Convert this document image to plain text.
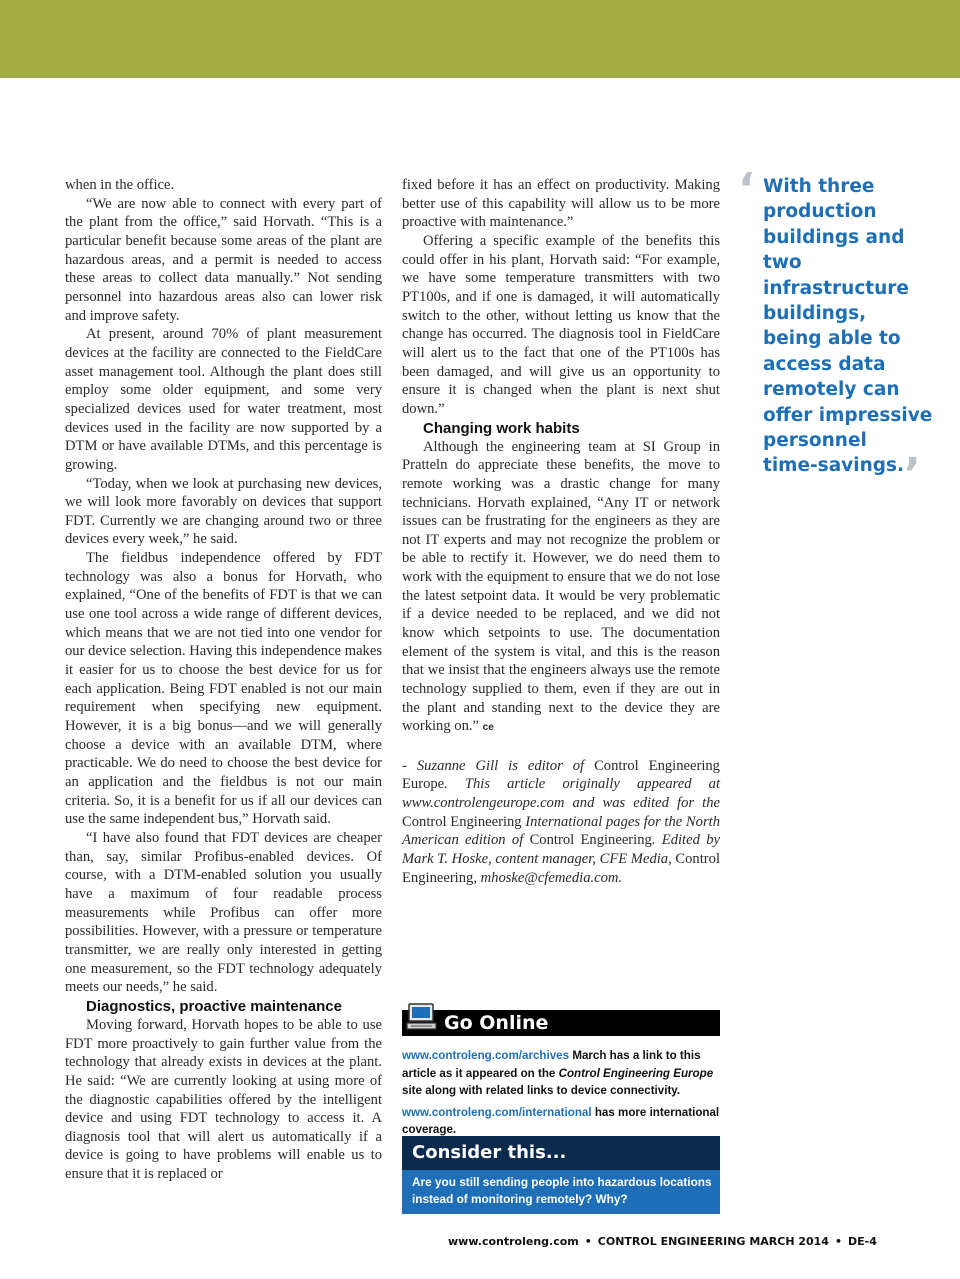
when in the office.

“We are now able to connect with every part of the plant from the office,” said Horvath. “This is a particular benefit because some areas of the plant are hazardous areas, and a permit is needed to access these areas to collect data manually.” Not sending personnel into hazardous areas also can lower risk and improve safety.

At present, around 70% of plant measurement devices at the facility are connected to the FieldCare asset management tool. Although the plant does still employ some older equipment, and some very specialized devices used for water treatment, most devices used in the facility are now supported by a DTM or have available DTMs, and this percentage is growing.

“Today, when we look at purchasing new devices, we will look more favorably on devices that support FDT. Currently we are changing around two or three devices every week,” he said.

The fieldbus independence offered by FDT technology was also a bonus for Horvath, who explained, “One of the benefits of FDT is that we can use one tool across a wide range of different devices, which means that we are not tied into one vendor for our device selection. Having this independence makes it easier for us to choose the best device for us for each application. Being FDT enabled is not our main requirement when specifying new equipment. However, it is a big bonus—and we will generally choose a device with an available DTM, where practicable. We do need to choose the best device for an application and the fieldbus is not our main criteria. So, it is a benefit for us if all our devices can use the same independent bus,” Horvath said.

“I have also found that FDT devices are cheaper than, say, similar Profibus-enabled devices. Of course, with a DTM-enabled solution you usually have a maximum of four readable process measurements while Profibus can offer more possibilities. However, with a pressure or temperature transmitter, we are really only interested in getting one measurement, so the FDT technology adequately meets our needs,” he said.

Diagnostics, proactive maintenance

Moving forward, Horvath hopes to be able to use FDT more proactively to gain further value from the technology that already exists in devices at the plant. He said: “We are currently looking at using more of the diagnostic capabilities offered by the intelligent device and using FDT technology to access it. A diagnosis tool that will alert us automatically if a device is going to have problems will enable us to ensure that it is replaced or

fixed before it has an effect on productivity. Making better use of this capability will allow us to be more proactive with maintenance.”

Offering a specific example of the benefits this could offer in his plant, Horvath said: “For example, we have some temperature transmitters with two PT100s, and if one is damaged, it will automatically switch to the other, without letting us know that the change has occurred. The diagnosis tool in FieldCare will alert us to the fact that one of the PT100s has been damaged, and will give us an opportunity to ensure it is changed when the plant is next shut down.”

Changing work habits

Although the engineering team at SI Group in Pratteln do appreciate these benefits, the move to remote working was a drastic change for many technicians. Horvath explained, “Any IT or network issues can be frustrating for the engineers as they are not IT experts and may not recognize the problem or be able to rectify it. However, we do need them to work with the equipment to ensure that we do not lose the latest setpoint data. It would be very problematic if a device needed to be replaced, and we did not know which setpoints to use. The documentation element of the system is vital, and this is the reason that we insist that the engineers always use the remote technology supplied to them, even if they are out in the plant and standing next to the device they are working on.” ce

- Suzanne Gill is editor of Control Engineering Europe. This article originally appeared at www.controlengeurope.com and was edited for the Control Engineering International pages for the North American edition of Control Engineering. Edited by Mark T. Hoske, content manager, CFE Media, Control Engineering, mhoske@cfemedia.com.

‘ With three
production
buildings and
two infrastructure
buildings,
being able to
access data
remotely can
offer impressive
personnel
time-savings.’
Go Online

www.controleng.com/archives March has a link to this article as it appeared on the Control Engineering Europe site along with related links to device connectivity.

www.controleng.com/international has more international coverage.

Consider this...
Are you still sending people into hazardous locations instead of monitoring remotely? Why?
www.controleng.com • CONTROL ENGINEERING MARCH 2014 • DE-4
